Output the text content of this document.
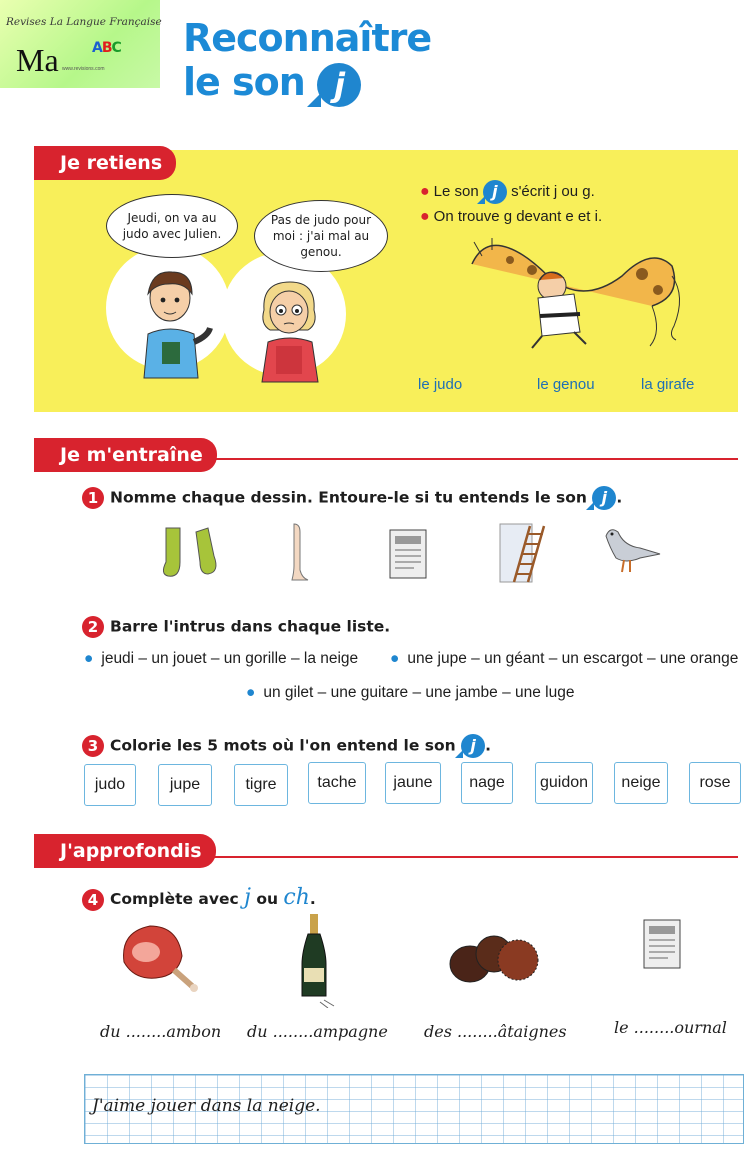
Revises La Langue Française
Ma ABC
www.revisions.com
Reconnaître
le son j
Je retiens
Jeudi, on va au judo avec Julien.
Pas de judo pour moi : j'ai mal au genou.
● Le son j s'écrit j ou g.
● On trouve g devant e et i.
le judo	le genou	la girafe
Je m'entraîne
1 Nomme chaque dessin. Entoure-le si tu entends le son j .
2 Barre l'intrus dans chaque liste.
● jeudi – un jouet – un gorille – la neige ● une jupe – un géant – un escargot – une orange
● un gilet – une guitare – une jambe – une luge
3 Colorie les 5 mots où l'on entend le son j .
judo	jupe	tigre	tache	jaune	nage	guidon	neige	rose
J'approfondis
4 Complète avec j ou ch.
du ........ambon du ........ampagne des ........âtaignes	le ........ournal
J'aime jouer dans la neige.
